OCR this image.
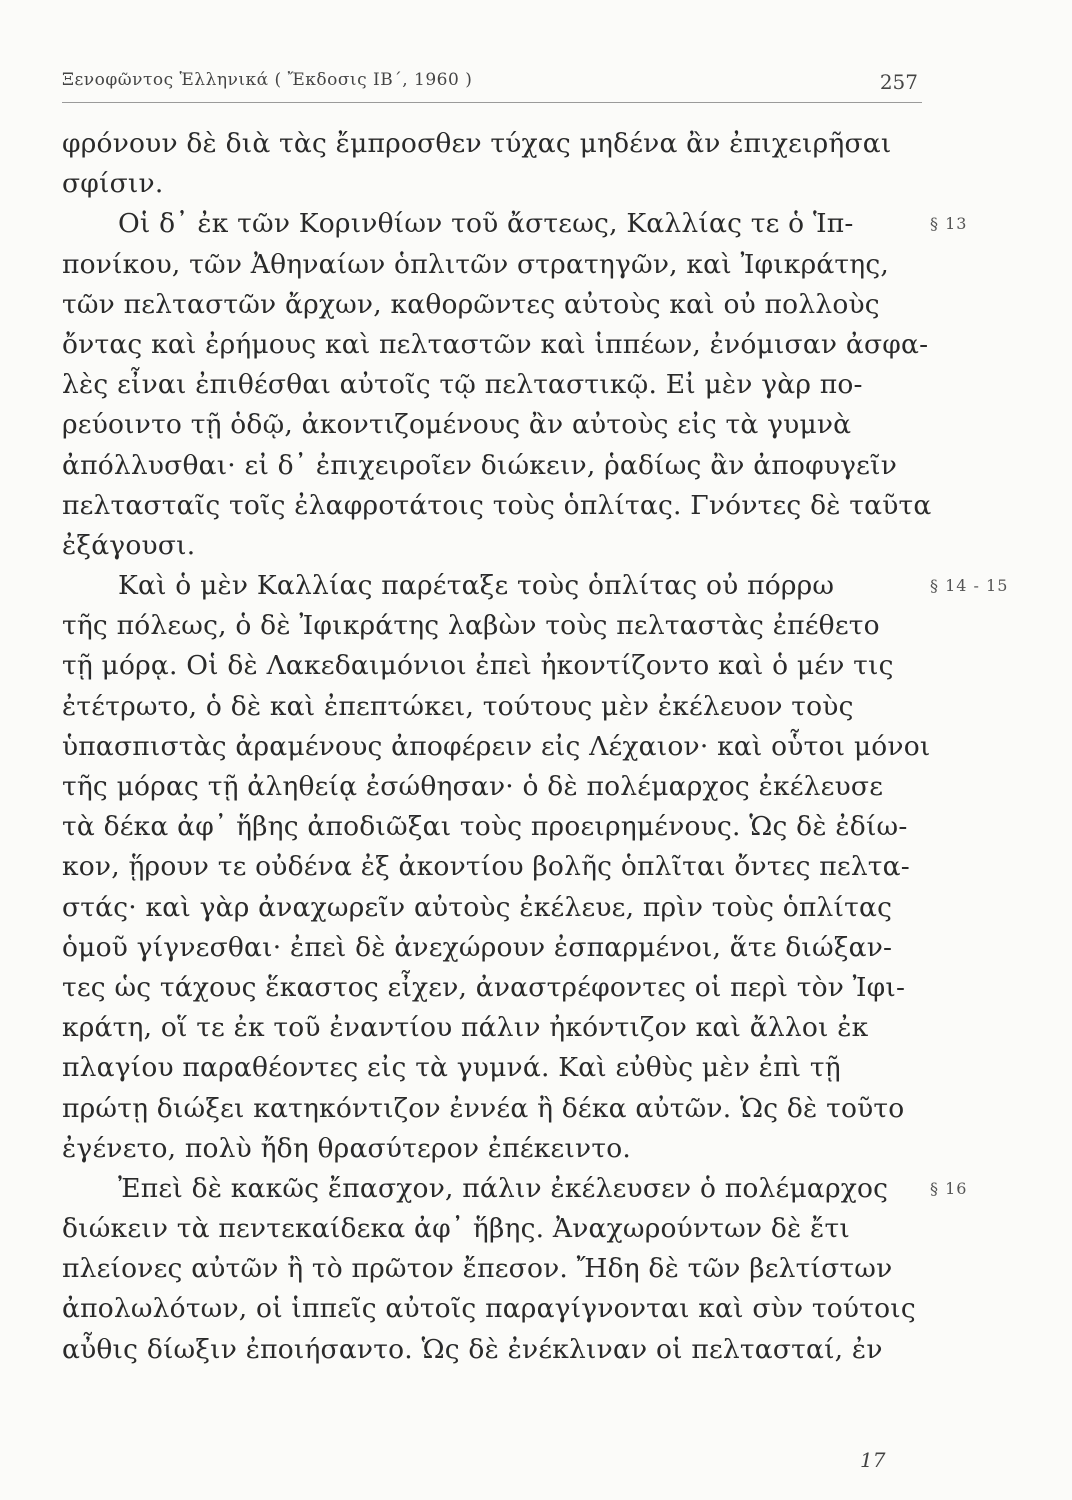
Ξενοφῶντος Ἑλληνικά ( Ἔκδοσις ΙΒ΄, 1960 )	257
φρόνουν δὲ διὰ τὰς ἔμπροσθεν τύχας μηδένα ἂν ἐπιχειρῆσαι
σφίσιν.
Οἱ δ᾽ ἐκ τῶν Κορινθίων τοῦ ἄστεως, Καλλίας τε ὁ Ἱπ-	§ 13
πονίκου, τῶν Ἀθηναίων ὁπλιτῶν στρατηγῶν, καὶ Ἰφικράτης,
τῶν πελταστῶν ἄρχων, καθορῶντες αὐτοὺς καὶ οὐ πολλοὺς
ὄντας καὶ ἐρήμους καὶ πελταστῶν καὶ ἱππέων, ἐνόμισαν ἀσφα-
λὲς εἶναι ἐπιθέσθαι αὐτοῖς τῷ πελταστικῷ. Εἰ μὲν γὰρ πο-
ρεύοιντο τῇ ὁδῷ, ἀκοντιζομένους ἂν αὐτοὺς εἰς τὰ γυμνὰ
ἀπόλλυσθαι· εἰ δ᾽ ἐπιχειροῖεν διώκειν, ῥαδίως ἂν ἀποφυγεῖν
πελτασταῖς τοῖς ἐλαφροτάτοις τοὺς ὁπλίτας. Γνόντες δὲ ταῦτα
ἐξάγουσι.
Καὶ ὁ μὲν Καλλίας παρέταξε τοὺς ὁπλίτας οὐ πόρρω	§ 14 - 15
τῆς πόλεως, ὁ δὲ Ἰφικράτης λαβὼν τοὺς πελταστὰς ἐπέθετο
τῇ μόρᾳ. Οἱ δὲ Λακεδαιμόνιοι ἐπεὶ ἠκοντίζοντο καὶ ὁ μέν τις
ἐτέτρωτο, ὁ δὲ καὶ ἐπεπτώκει, τούτους μὲν ἐκέλευον τοὺς
ὑπασπιστὰς ἀραμένους ἀποφέρειν εἰς Λέχαιον· καὶ οὗτοι μόνοι
τῆς μόρας τῇ ἀληθείᾳ ἐσώθησαν· ὁ δὲ πολέμαρχος ἐκέλευσε
τὰ δέκα ἀφ᾽ ἥβης ἀποδιῶξαι τοὺς προειρημένους. Ὡς δὲ ἐδίω-
κον, ᾕρουν τε οὐδένα ἐξ ἀκοντίου βολῆς ὁπλῖται ὄντες πελτα-
στάς· καὶ γὰρ ἀναχωρεῖν αὐτοὺς ἐκέλευε, πρὶν τοὺς ὁπλίτας
ὁμοῦ γίγνεσθαι· ἐπεὶ δὲ ἀνεχώρουν ἐσπαρμένοι, ἅτε διώξαν-
τες ὡς τάχους ἕκαστος εἶχεν, ἀναστρέφοντες οἱ περὶ τὸν Ἰφι-
κράτη, οἵ τε ἐκ τοῦ ἐναντίου πάλιν ἠκόντιζον καὶ ἄλλοι ἐκ
πλαγίου παραθέοντες εἰς τὰ γυμνά. Καὶ εὐθὺς μὲν ἐπὶ τῇ
πρώτῃ διώξει κατηκόντιζον ἐννέα ἢ δέκα αὐτῶν. Ὡς δὲ τοῦτο
ἐγένετο, πολὺ ἤδη θρασύτερον ἐπέκειντο.
Ἐπεὶ δὲ κακῶς ἔπασχον, πάλιν ἐκέλευσεν ὁ πολέμαρχος	§ 16
διώκειν τὰ πεντεκαίδεκα ἀφ᾽ ἥβης. Ἀναχωρούντων δὲ ἔτι
πλείονες αὐτῶν ἢ τὸ πρῶτον ἔπεσον. Ἤδη δὲ τῶν βελτίστων
ἀπολωλότων, οἱ ἱππεῖς αὐτοῖς παραγίγνονται καὶ σὺν τούτοις
αὖθις δίωξιν ἐποιήσαντο. Ὡς δὲ ἐνέκλιναν οἱ πελτασταί, ἐν
17
